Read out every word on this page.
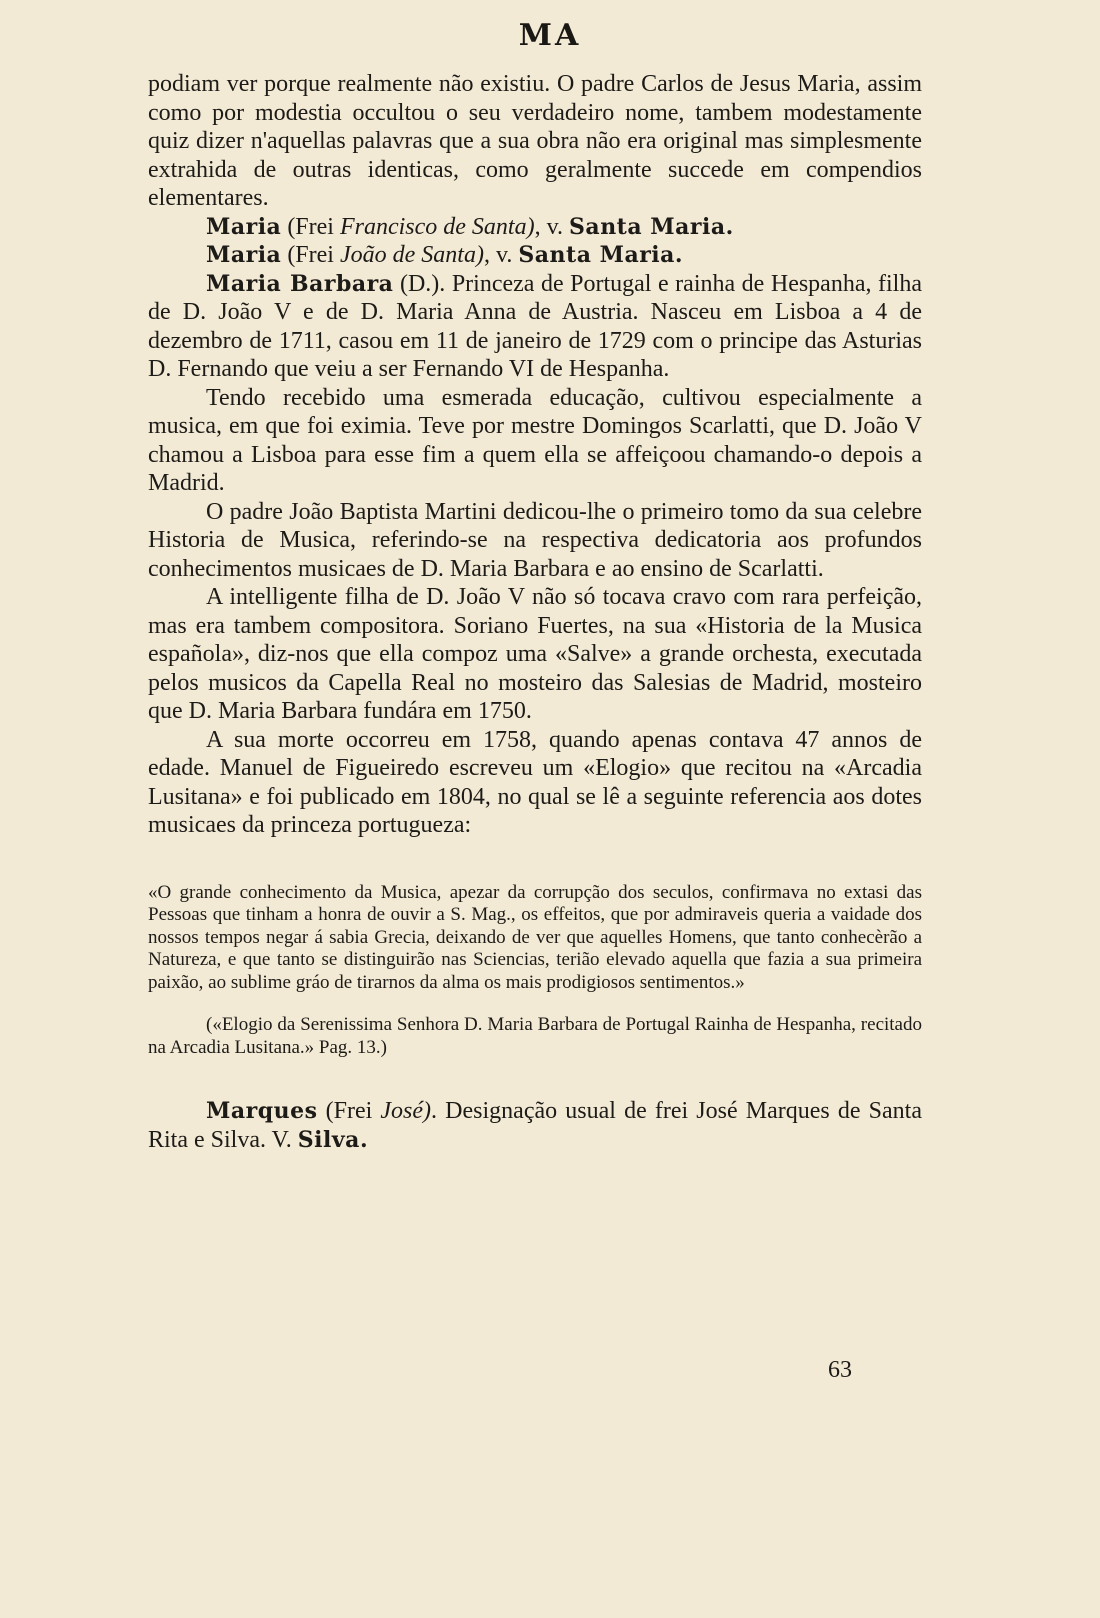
MA

podiam ver porque realmente não existiu. O padre Carlos de Jesus Maria, assim como por modestia occultou o seu verdadeiro nome, tambem modestamente quiz dizer n'aquellas palavras que a sua obra não era original mas simplesmente extrahida de outras identicas, como geralmente succede em compendios elementares.

Maria (Frei Francisco de Santa), v. Santa Maria.

Maria (Frei João de Santa), v. Santa Maria.

Maria Barbara (D.). Princeza de Portugal e rainha de Hespanha, filha de D. João V e de D. Maria Anna de Austria. Nasceu em Lisboa a 4 de dezembro de 1711, casou em 11 de janeiro de 1729 com o principe das Asturias D. Fernando que veiu a ser Fernando VI de Hespanha.

Tendo recebido uma esmerada educação, cultivou especialmente a musica, em que foi eximia. Teve por mestre Domingos Scarlatti, que D. João V chamou a Lisboa para esse fim a quem ella se affeiçoou chamando-o depois a Madrid.

O padre João Baptista Martini dedicou-lhe o primeiro tomo da sua celebre Historia de Musica, referindo-se na respectiva dedicatoria aos profundos conhecimentos musicaes de D. Maria Barbara e ao ensino de Scarlatti.

A intelligente filha de D. João V não só tocava cravo com rara perfeição, mas era tambem compositora. Soriano Fuertes, na sua «Historia de la Musica española», diz-nos que ella compoz uma «Salve» a grande orchesta, executada pelos musicos da Capella Real no mosteiro das Salesias de Madrid, mosteiro que D. Maria Barbara fundára em 1750.

A sua morte occorreu em 1758, quando apenas contava 47 annos de edade. Manuel de Figueiredo escreveu um «Elogio» que recitou na «Arcadia Lusitana» e foi publicado em 1804, no qual se lê a seguinte referencia aos dotes musicaes da princeza portugueza:

«O grande conhecimento da Musica, apezar da corrupção dos seculos, confirmava no extasi das Pessoas que tinham a honra de ouvir a S. Mag., os effeitos, que por admiraveis queria a vaidade dos nossos tempos negar á sabia Grecia, deixando de ver que aquelles Homens, que tanto conhecèrão a Natureza, e que tanto se distinguirão nas Sciencias, terião elevado aquella que fazia a sua primeira paixão, ao sublime gráo de tirarnos da alma os mais prodigiosos sentimentos.»

(«Elogio da Serenissima Senhora D. Maria Barbara de Portugal Rainha de Hespanha, recitado na Arcadia Lusitana.» Pag. 13.)

Marques (Frei José). Designação usual de frei José Marques de Santa Rita e Silva. V. Silva.

63
